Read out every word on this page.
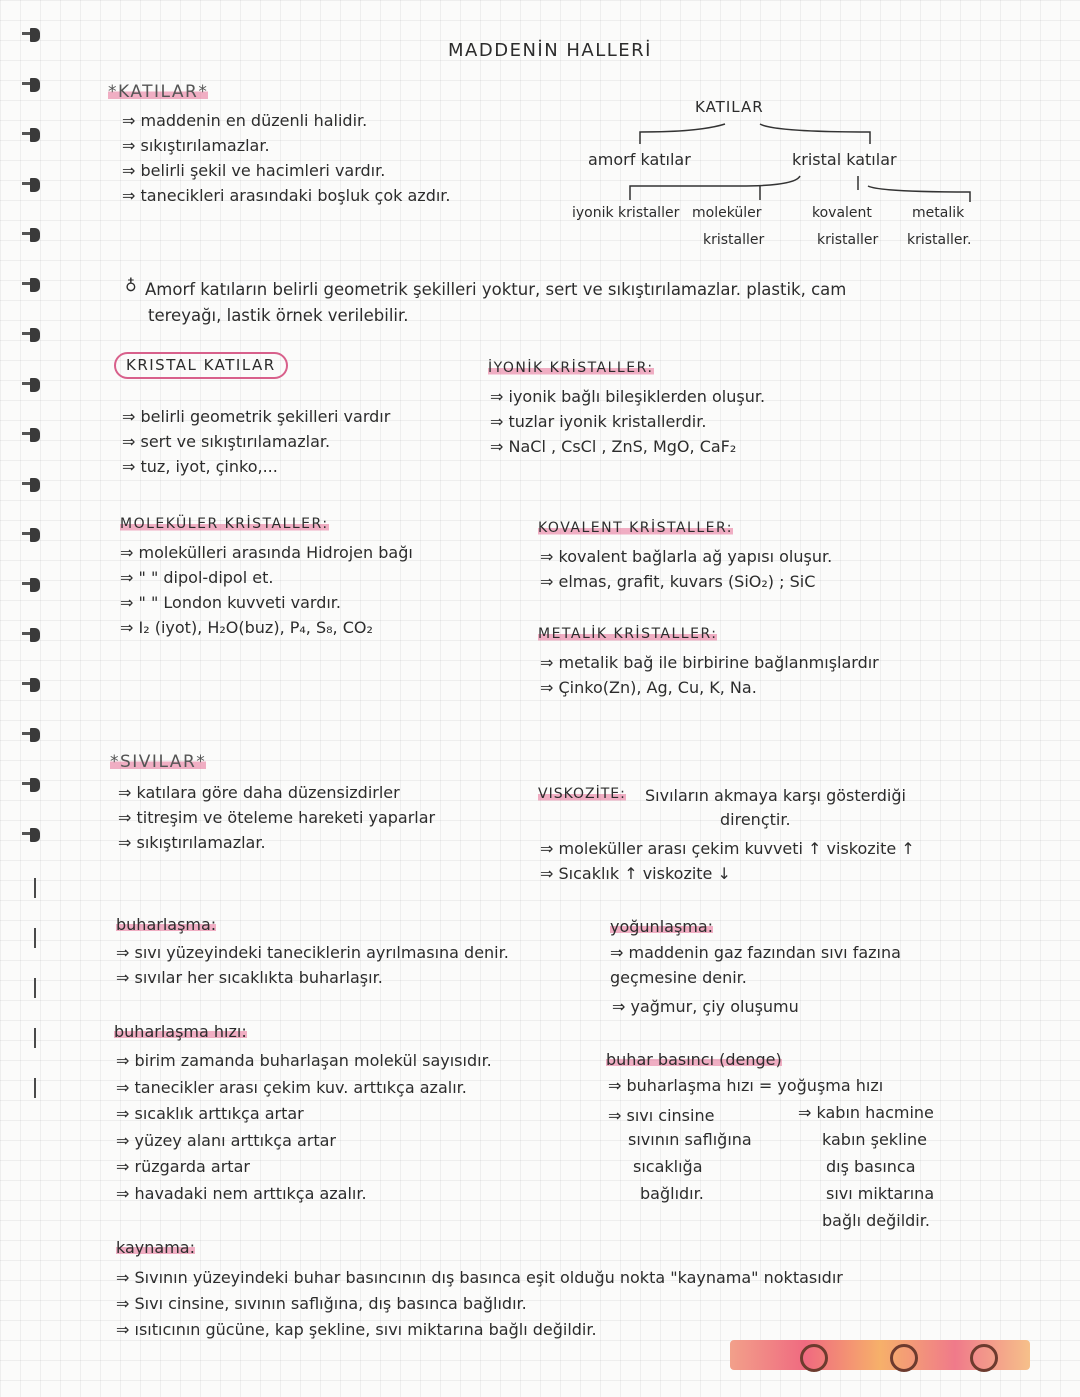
MADDENİN HALLERİ
*KATILAR*
⇒ maddenin en düzenli halidir.
⇒ sıkıştırılamazlar.
⇒ belirli şekil ve hacimleri vardır.
⇒ tanecikleri arasındaki boşluk çok azdır.
KATILAR
amorf katılar	kristal katılar
iyonik kristaller moleküler
kristaller
kovalent
kristaller
metalik
kristaller.
♁ Amorf katıların belirli geometrik şekilleri yoktur, sert ve sıkıştırılamazlar. plastik, cam
tereyağı, lastik örnek verilebilir.
KRISTAL KATILAR
⇒ belirli geometrik şekilleri vardır
⇒ sert ve sıkıştırılamazlar.
⇒ tuz, iyot, çinko,...
İYONİK KRİSTALLER:
⇒ iyonik bağlı bileşiklerden oluşur.
⇒ tuzlar iyonik kristallerdir.
⇒ NaCl , CsCl , ZnS, MgO, CaF₂
MOLEKÜLER KRİSTALLER:
⇒ molekülleri arasında Hidrojen bağı
⇒ " " dipol-dipol et.
⇒ " " London kuvveti vardır.
⇒ I₂ (iyot), H₂O(buz), P₄, S₈, CO₂
KOVALENT KRİSTALLER:
⇒ kovalent bağlarla ağ yapısı oluşur.
⇒ elmas, grafit, kuvars (SiO₂) ; SiC
METALİK KRİSTALLER:
⇒ metalik bağ ile birbirine bağlanmışlardır
⇒ Çinko(Zn), Ag, Cu, K, Na.
*SIVILAR*
⇒ katılara göre daha düzensizdirler
⇒ titreşim ve öteleme hareketi yaparlar
⇒ sıkıştırılamazlar.
VISKOZİTE: Sıvıların akmaya karşı gösterdiği
dirençtir.
⇒ moleküller arası çekim kuvveti ↑ viskozite ↑
⇒ Sıcaklık ↑ viskozite ↓
buharlaşma:
⇒ sıvı yüzeyindeki taneciklerin ayrılmasına denir.
⇒ sıvılar her sıcaklıkta buharlaşır.
yoğunlaşma:
⇒ maddenin gaz fazından sıvı fazına
geçmesine denir.
⇒ yağmur, çiy oluşumu
buharlaşma hızı:
⇒ birim zamanda buharlaşan molekül sayısıdır.
⇒ tanecikler arası çekim kuv. arttıkça azalır.
⇒ sıcaklık arttıkça artar
⇒ yüzey alanı arttıkça artar
⇒ rüzgarda artar
⇒ havadaki nem arttıkça azalır.
buhar basıncı (denge)
⇒ buharlaşma hızı = yoğuşma hızı
⇒ sıvı cinsine
sıvının saflığına
sıcaklığa
bağlıdır.
⇒ kabın hacmine
kabın şekline
dış basınca
sıvı miktarına
bağlı değildir.
kaynama:
⇒ Sıvının yüzeyindeki buhar basıncının dış basınca eşit olduğu nokta "kaynama" noktasıdır
⇒ Sıvı cinsine, sıvının saflığına, dış basınca bağlıdır.
⇒ ısıtıcının gücüne, kap şekline, sıvı miktarına bağlı değildir.
